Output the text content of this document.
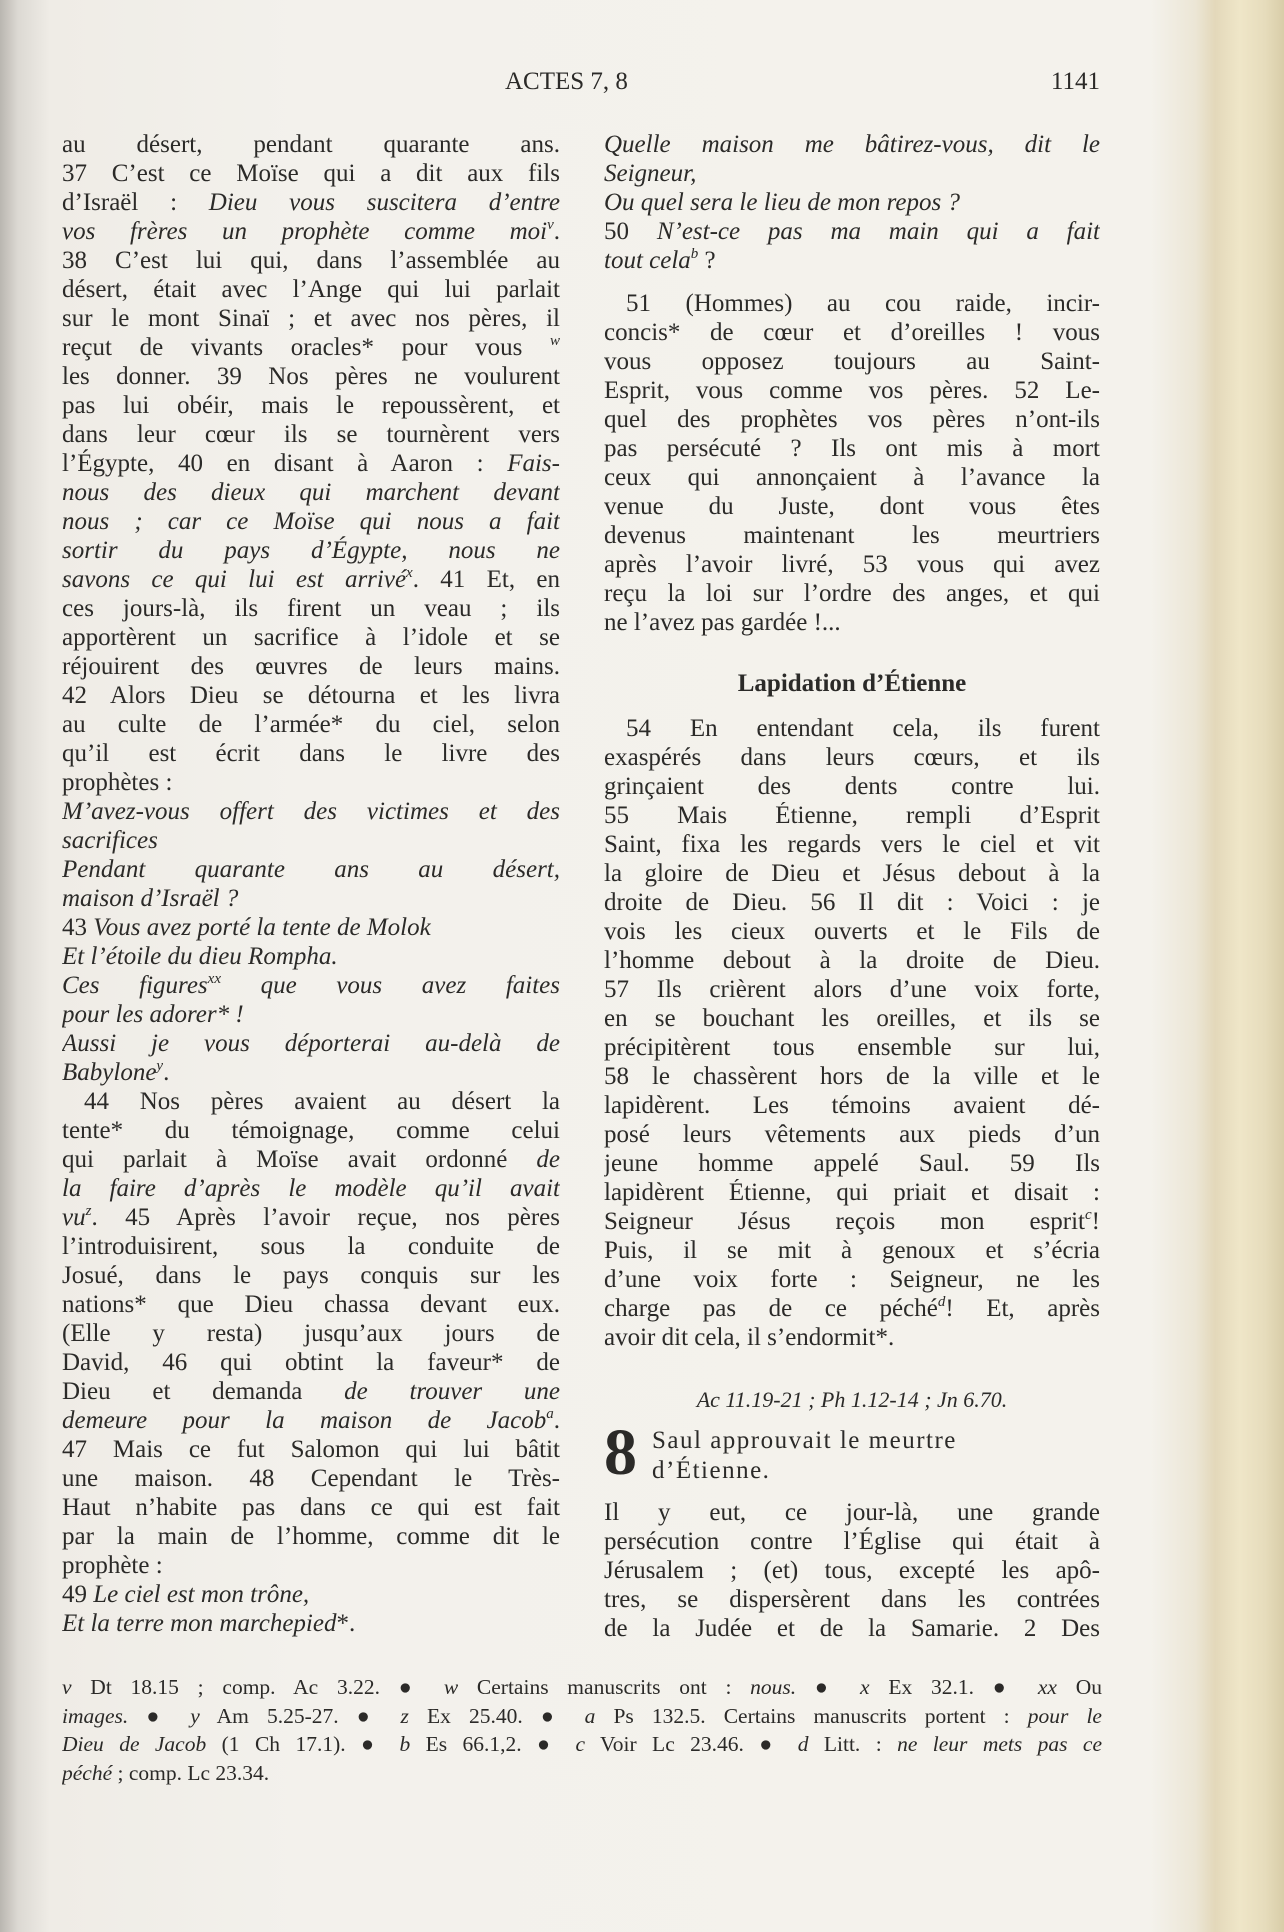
ACTES 7, 8	1141
au désert, pendant quarante ans.
37 C’est ce Moïse qui a dit aux fils
d’Israël : Dieu vous suscitera d’entre
vos frères un prophète comme moi$^v$.
38 C’est lui qui, dans l’assemblée au
désert, était avec l’Ange qui lui parlait
sur le mont Sinaï ; et avec nos pères, il
reçut de vivants oracles* pour vous $^w$
les donner. 39 Nos pères ne voulurent
pas lui obéir, mais le repoussèrent, et
dans leur cœur ils se tournèrent vers
l’Égypte, 40 en disant à Aaron : Fais-
nous des dieux qui marchent devant
nous ; car ce Moïse qui nous a fait
sortir du pays d’Égypte, nous ne
savons ce qui lui est arrivé$^x$. 41 Et, en
ces jours-là, ils firent un veau ; ils
apportèrent un sacrifice à l’idole et se
réjouirent des œuvres de leurs mains.
42 Alors Dieu se détourna et les livra
au culte de l’armée* du ciel, selon
qu’il est écrit dans le livre des
prophètes :
M’avez-vous offert des victimes et des
sacrifices
Pendant quarante ans au désert,
maison d’Israël ?
43 Vous avez porté la tente de Molok
Et l’étoile du dieu Rompha.
Ces figures$^{xx}$ que vous avez faites
pour les adorer* !
Aussi je vous déporterai au-delà de
Babylone$^y$.
44 Nos pères avaient au désert la
tente* du témoignage, comme celui
qui parlait à Moïse avait ordonné de
la faire d’après le modèle qu’il avait
$vu^z$. 45 Après l’avoir reçue, nos pères
l’introduisirent, sous la conduite de
Josué, dans le pays conquis sur les
nations* que Dieu chassa devant eux.
(Elle y resta) jusqu’aux jours de
David, 46 qui obtint la faveur* de
Dieu et demanda de trouver une
demeure pour la maison de Jacob$^a$.
47 Mais ce fut Salomon qui lui bâtit
une maison. 48 Cependant le Très-
Haut n’habite pas dans ce qui est fait
par la main de l’homme, comme dit le
prophète :
49 Le ciel est mon trône,
Et la terre mon marchepied*.
Quelle maison me bâtirez-vous, dit le
Seigneur,
Ou quel sera le lieu de mon repos ?
50 N’est-ce pas ma main qui a fait
tout cela$^b$ ?
51 (Hommes) au cou raide, incir-
concis* de cœur et d’oreilles ! vous
vous opposez toujours au Saint-
Esprit, vous comme vos pères. 52 Le-
quel des prophètes vos pères n’ont-ils
pas persécuté ? Ils ont mis à mort
ceux qui annonçaient à l’avance la
venue du Juste, dont vous êtes
devenus maintenant les meurtriers
après l’avoir livré, 53 vous qui avez
reçu la loi sur l’ordre des anges, et qui
ne l’avez pas gardée !...
Lapidation d’Étienne
54 En entendant cela, ils furent
exaspérés dans leurs cœurs, et ils
grinçaient des dents contre lui.
55 Mais Étienne, rempli d’Esprit
Saint, fixa les regards vers le ciel et vit
la gloire de Dieu et Jésus debout à la
droite de Dieu. 56 Il dit : Voici : je
vois les cieux ouverts et le Fils de
l’homme debout à la droite de Dieu.
57 Ils crièrent alors d’une voix forte,
en se bouchant les oreilles, et ils se
précipitèrent tous ensemble sur lui,
58 le chassèrent hors de la ville et le
lapidèrent. Les témoins avaient dé-
posé leurs vêtements aux pieds d’un
jeune homme appelé Saul. 59 Ils
lapidèrent Étienne, qui priait et disait :
Seigneur Jésus reçois mon esprit$^c$!
Puis, il se mit à genoux et s’écria
d’une voix forte : Seigneur, ne les
charge pas de ce péché$^d$! Et, après
avoir dit cela, il s’endormit*.
Ac 11.19-21 ; Ph 1.12-14 ; Jn 6.70.
8 Saul approuvait le meurtre
d’Étienne.
Il y eut, ce jour-là, une grande
persécution contre l’Église qui était à
Jérusalem ; (et) tous, excepté les apô-
tres, se dispersèrent dans les contrées
de la Judée et de la Samarie. 2 Des
v Dt 18.15 ; comp. Ac 3.22. ● w Certains manuscrits ont : nous. ● x Ex 32.1. ● xx Ou
images. ● y Am 5.25-27. ● z Ex 25.40. ● a Ps 132.5. Certains manuscrits portent : pour le
Dieu de Jacob (1 Ch 17.1). ● b Es 66.1,2. ● c Voir Lc 23.46. ● d Litt. : ne leur mets pas ce
péché ; comp. Lc 23.34.
